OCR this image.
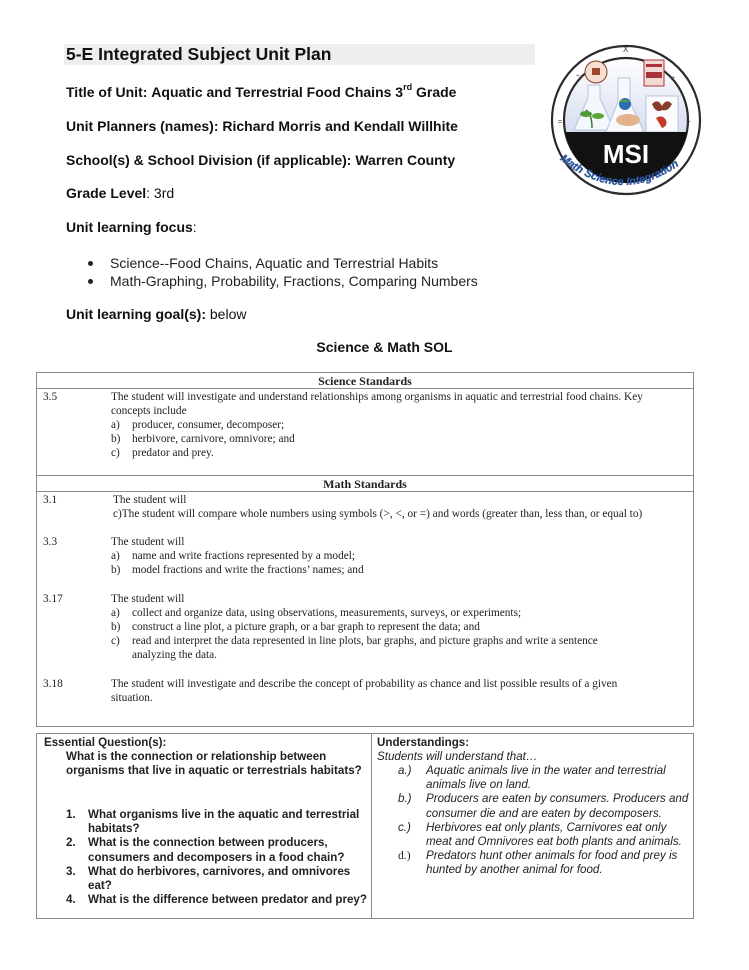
5-E Integrated Subject Unit Plan
Title of Unit: Aquatic and Terrestrial Food Chains 3rd Grade
Unit Planners (names): Richard Morris and Kendall Willhite
School(s) & School Division (if applicable): Warren County
Grade Level: 3rd
Unit learning focus:
Science--Food Chains, Aquatic and Terrestrial Habits
Math-Graphing, Probability, Fractions, Comparing Numbers
Unit learning goal(s): below
Science & Math SOL
X
+
=
+
÷
MSI
Math Science Integration
Science Standards
3.5	The student will investigate and understand relationships among organisms in aquatic and terrestrial food chains. Key concepts include
a) producer, consumer, decomposer;
b) herbivore, carnivore, omnivore; and
c) predator and prey.
Math Standards
3.1	The student will
c)The student will compare whole numbers using symbols (>, <, or =) and words (greater than, less than, or equal to)
3.3	The student will
a) name and write fractions represented by a model;
b) model fractions and write the fractions’ names; and
3.17	The student will
a) collect and organize data, using observations, measurements, surveys, or experiments;
b) construct a line plot, a picture graph, or a bar graph to represent the data; and
c) read and interpret the data represented in line plots, bar graphs, and picture graphs and write a sentence analyzing the data.
3.18	The student will investigate and describe the concept of probability as chance and list possible results of a given situation.
Essential Question(s):
What is the connection or relationship between organisms that live in aquatic or terrestrials habitats?
1. What organisms live in the aquatic and terrestrial habitats?
2. What is the connection between producers, consumers and decomposers in a food chain?
3. What do herbivores, carnivores, and omnivores eat?
4. What is the difference between predator and prey?
Understandings:
Students will understand that…
a.) Aquatic animals live in the water and terrestrial animals live on land.
b.) Producers are eaten by consumers. Producers and consumer die and are eaten by decomposers.
c.) Herbivores eat only plants, Carnivores eat only meat and Omnivores eat both plants and animals.
d.) Predators hunt other animals for food and prey is hunted by another animal for food.
